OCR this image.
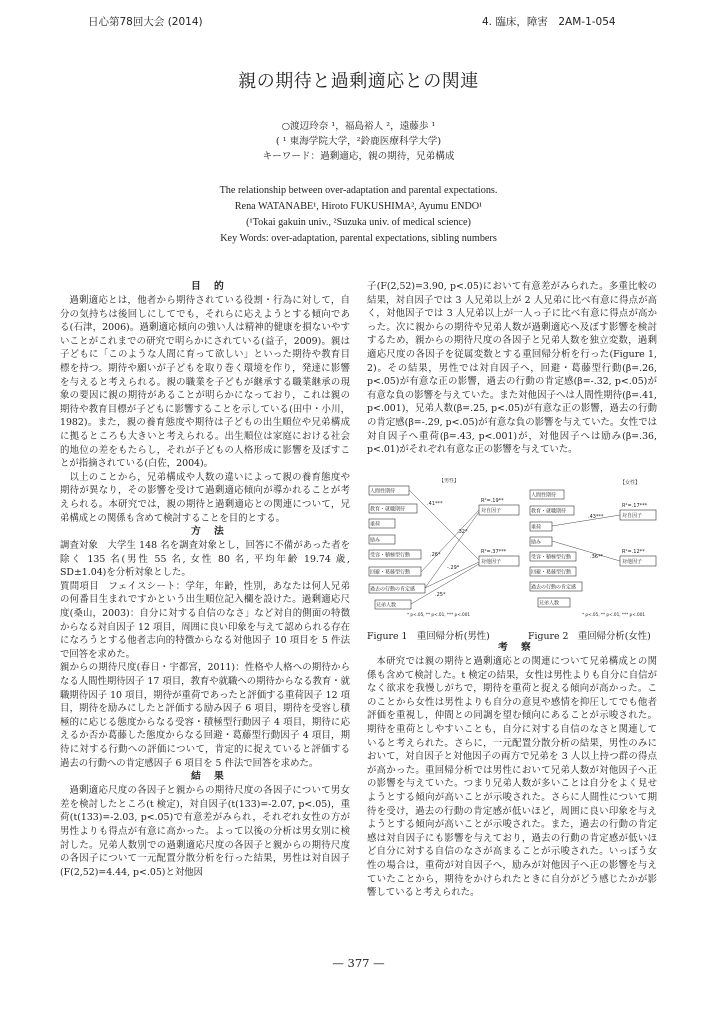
日心第78回大会 (2014)	4. 臨床，障害　2AM-1-054
親の期待と過剰適応との関連
○渡辺玲奈 ¹，福島裕人 ²，遠藤歩 ¹
( ¹ 東海学院大学，²鈴鹿医療科学大学)
キーワード：過剰適応，親の期待，兄弟構成
The relationship between over-adaptation and parental expectations.
Rena WATANABE¹, Hiroto FUKUSHIMA², Ayumu ENDO¹
(¹Tokai gakuin univ., ²Suzuka univ. of medical science)
Key Words: over-adaptation, parental expectations, sibling numbers

目 的

過剰適応とは，他者から期待されている役割・行為に対して，自分の気持ちは後回しにしてでも，それらに応えようとする傾向である(石津，2006)。過剰適応傾向の強い人は精神的健康を損ないやすいことがこれまでの研究で明らかにされている(益子，2009)。親は子どもに「このような人間に育って欲しい」といった期待や教育目標を持つ。期待や願いが子どもを取り巻く環境を作り，発達に影響を与えると考えられる。親の職業を子どもが継承する職業継承の現象の要因に親の期待があることが明らかになっており，これは親の期待や教育目標が子どもに影響することを示している(田中・小川，1982)。また，親の養育態度や期待は子どもの出生順位や兄弟構成に拠るところも大きいと考えられる。出生順位は家庭における社会的地位の差をもたらし，それが子どもの人格形成に影響を及ぼすことが指摘されている(白佐，2004)。

以上のことから，兄弟構成や人数の違いによって親の養育態度や期待が異なり，その影響を受けて過剰適応傾向が導かれることが考えられる。本研究では，親の期待と過剰適応との関連について，兄弟構成との関係も含めて検討することを目的とする。

方 法

調査対象　大学生 148 名を調査対象とし，回答に不備があった者を除く 135 名(男性 55 名, 女性 80 名, 平均年齢 19.74 歳, SD±1.04)を分析対象とした。

質問項目　フェイスシート：学年，年齢，性別，あなたは何人兄弟の何番目生まれですかという出生順位記入欄を設けた。過剰適応尺度(桑山，2003)：自分に対する自信のなさ」など対自的側面の特徴からなる対自因子 12 項目，周囲に良い印象を与えて認められる存在になろうとする他者志向的特徴からなる対他因子 10 項目を 5 件法で回答を求めた。

親からの期待尺度(春日・宇都宮，2011)：性格や人格への期待からなる人間性期待因子 17 項目，教育や就職への期待からなる教育・就職期待因子 10 項目，期待が重荷であったと評価する重荷因子 12 項目，期待を励みにしたと評価する励み因子 6 項目，期待を受容し積極的に応じる態度からなる受容・積極型行動因子 4 項目，期待に応えるか否か葛藤した態度からなる回避・葛藤型行動因子 4 項目，期待に対する行動への評価について，肯定的に捉えていると評価する過去の行動への肯定感因子 6 項目を 5 件法で回答を求めた。

結 果

過剰適応尺度の各因子と親からの期待尺度の各因子について男女差を検討したところ(t 検定)，対自因子(t(133)=-2.07, p<.05)，重荷(t(133)=-2.03, p<.05)で有意差がみられ，それぞれ女性の方が男性よりも得点が有意に高かった。よって以後の分析は男女別に検討した。兄弟人数別での過剰適応尺度の各因子と親からの期待尺度の各因子について一元配置分散分析を行った結果，男性は対自因子(F(2,52)=4.44, p<.05)と対他因

子(F(2,52)=3.90, p<.05)において有意差がみられた。多重比較の結果，対自因子では 3 人兄弟以上が 2 人兄弟に比べ有意に得点が高く，対他因子では 3 人兄弟以上が一人っ子に比べ有意に得点が高かった。次に親からの期待や兄弟人数が過剰適応へ及ぼす影響を検討するため，親からの期待尺度の各因子と兄弟人数を独立変数，過剰適応尺度の各因子を従属変数とする重回帰分析を行った(Figure 1, 2)。その結果，男性では対自因子へ，回避・葛藤型行動(β=.26, p<.05)が有意な正の影響，過去の行動の肯定感(β=-.32, p<.05)が有意な負の影響を与えていた。また対他因子へは人間性期待(β=.41, p<.001)，兄弟人数(β=.25, p<.05)が有意な正の影響，過去の行動の肯定感(β=-.29, p<.05)が有意な負の影響を与えていた。女性では対自因子へ重荷(β=.43, p<.001)が，対他因子へは励み(β=.36, p<.01)がそれぞれ有意な正の影響を与えていた。

人間性期待
教育・就職期待
重荷
励み
受容・積極型行動
回避・葛藤型行動
過去の行動の肯定感
兄弟人数
対自因子
対他因子
【男性】
R²=.19**
R²=.37***
.41***
.32*
.26*
-.29*
.25*
* p<.05, ** p<.01, *** p<.001
人間性期待
教育・就職期待
重荷
励み
受容・積極型行動
回避・葛藤型行動
過去の行動の肯定感
兄弟人数
対自因子
対他因子
【女性】
R²=.17***
R²=.12**
.43***
.36**
* p<.05, ** p<.01, *** p<.001
Figure 1　重回帰分析(男性)	Figure 2　重回帰分析(女性)

考 察

本研究では親の期待と過剰適応との関連について兄弟構成との関係も含めて検討した。t 検定の結果，女性は男性よりも自分に自信がなく欲求を我慢しがちで，期待を重荷と捉える傾向が高かった。このことから女性は男性よりも自分の意見や感情を抑圧してでも他者評価を重視し，仲間との同調を望む傾向にあることが示唆された。期待を重荷としやすいことも，自分に対する自信のなさと関連していると考えられた。さらに，一元配置分散分析の結果，男性のみにおいて，対自因子と対他因子の両方で兄弟を 3 人以上持つ群の得点が高かった。重回帰分析では男性において兄弟人数が対他因子へ正の影響を与えていた。つまり兄弟人数が多いことは自分をよく見せようとする傾向が高いことが示唆された。さらに人間性について期待を受け，過去の行動の肯定感が低いほど，周囲に良い印象を与えようとする傾向が高いことが示唆された。また，過去の行動の肯定感は対自因子にも影響を与えており，過去の行動の肯定感が低いほど自分に対する自信のなさが高まることが示唆された。いっぽう女性の場合は，重荷が対自因子へ，励みが対他因子へ正の影響を与えていたことから，期待をかけられたときに自分がどう感じたかが影響していると考えられた。

— 377 —
